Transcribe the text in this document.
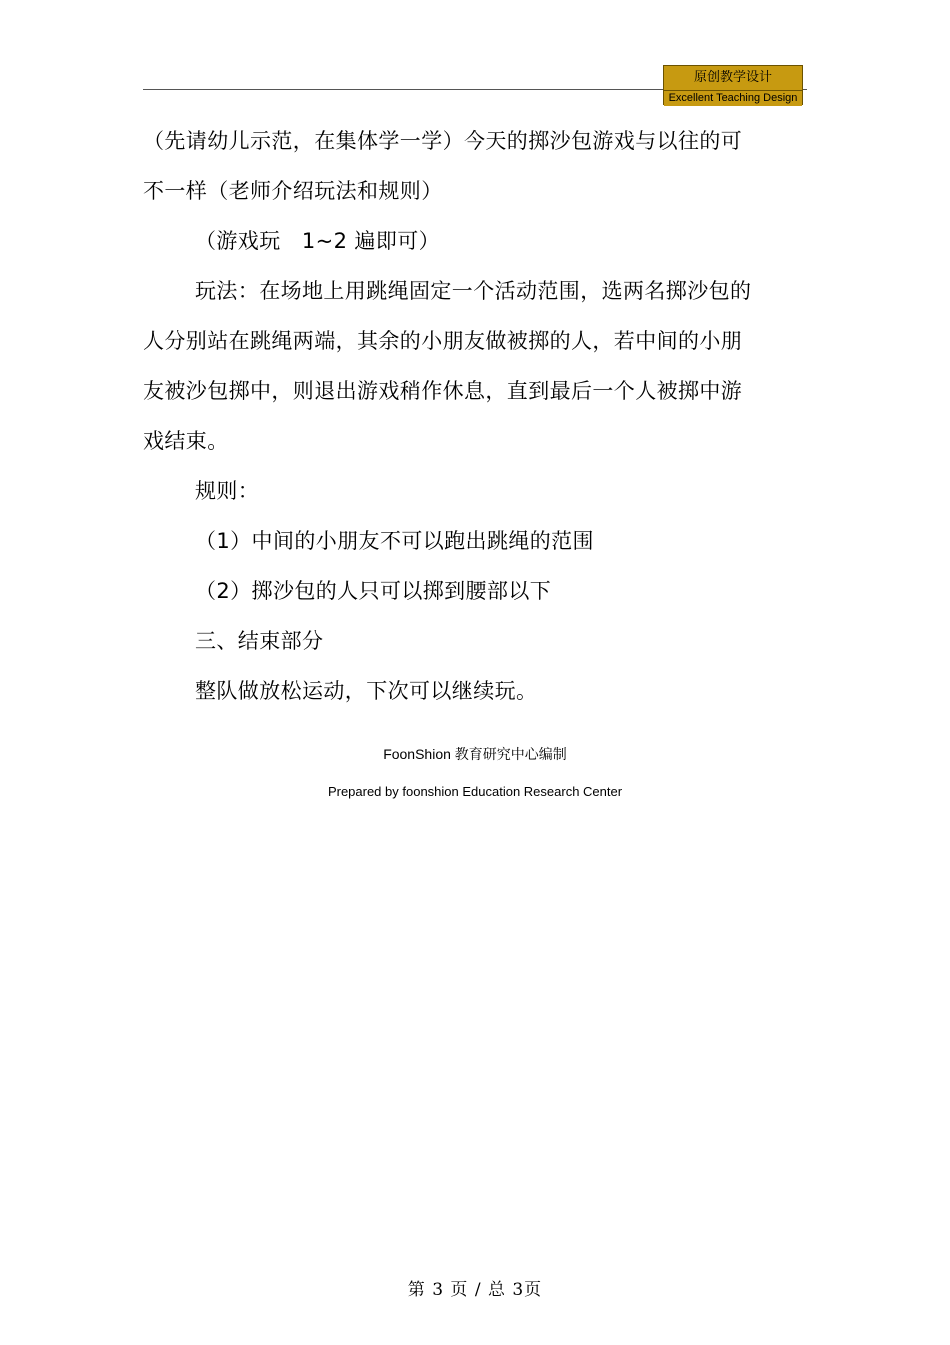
原创教学设计
Excellent Teaching Design

（先请幼儿示范，在集体学一学）今天的掷沙包游戏与以往的可不一样（老师介绍玩法和规则）

（游戏玩   1~2 遍即可）

玩法：在场地上用跳绳固定一个活动范围，选两名掷沙包的人分别站在跳绳两端，其余的小朋友做被掷的人，若中间的小朋友被沙包掷中，则退出游戏稍作休息，直到最后一个人被掷中游戏结束。

规则：

（1）中间的小朋友不可以跑出跳绳的范围

（2）掷沙包的人只可以掷到腰部以下

三、结束部分

整队做放松运动，下次可以继续玩。

FoonShion 教育研究中心编制
Prepared by foonshion Education Research Center
第 3 页 / 总 3页
